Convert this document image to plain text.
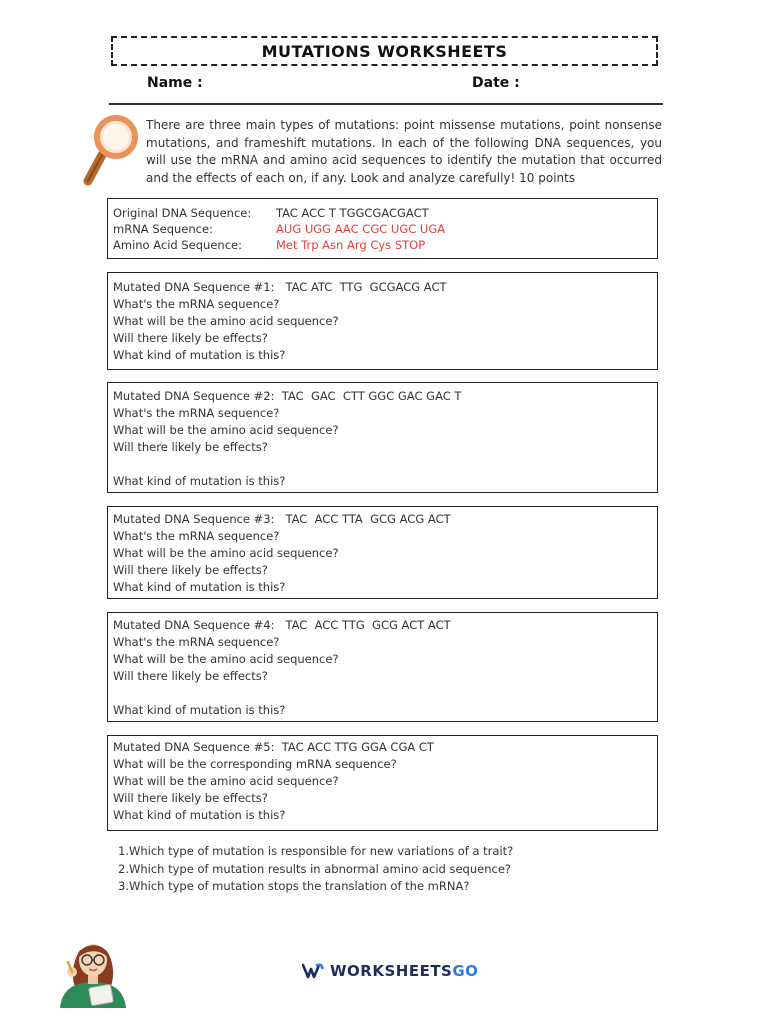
MUTATIONS WORKSHEETS
Name :	Date :
There are three main types of mutations: point missense mutations, point nonsense mutations, and frameshift mutations. In each of the following DNA sequences, you will use the mRNA and amino acid sequences to identify the mutation that occurred and the effects of each on, if any. Look and analyze carefully! 10 points
Original DNA Sequence:	TAC ACC T TGGCGACGACT
mRNA Sequence:	AUG UGG AAC CGC UGC UGA
Amino Acid Sequence:	Met Trp Asn Arg Cys STOP
Mutated DNA Sequence #1:   TAC ATC  TTG  GCGACG ACT
What's the mRNA sequence?
What will be the amino acid sequence?
Will there likely be effects?
What kind of mutation is this?
Mutated DNA Sequence #2:  TAC  GAC  CTT GGC GAC GAC T
What's the mRNA sequence?
What will be the amino acid sequence?
Will there likely be effects?
What kind of mutation is this?
Mutated DNA Sequence #3:   TAC  ACC TTA  GCG ACG ACT
What's the mRNA sequence?
What will be the amino acid sequence?
Will there likely be effects?
What kind of mutation is this?
Mutated DNA Sequence #4:   TAC  ACC TTG  GCG ACT ACT
What's the mRNA sequence?
What will be the amino acid sequence?
Will there likely be effects?
What kind of mutation is this?
Mutated DNA Sequence #5:  TAC ACC TTG GGA CGA CT
What will be the corresponding mRNA sequence?
What will be the amino acid sequence?
Will there likely be effects?
What kind of mutation is this?
1.Which type of mutation is responsible for new variations of a trait?
2.Which type of mutation results in abnormal amino acid sequence?
3.Which type of mutation stops the translation of the mRNA?
WORKSHEETSGO
